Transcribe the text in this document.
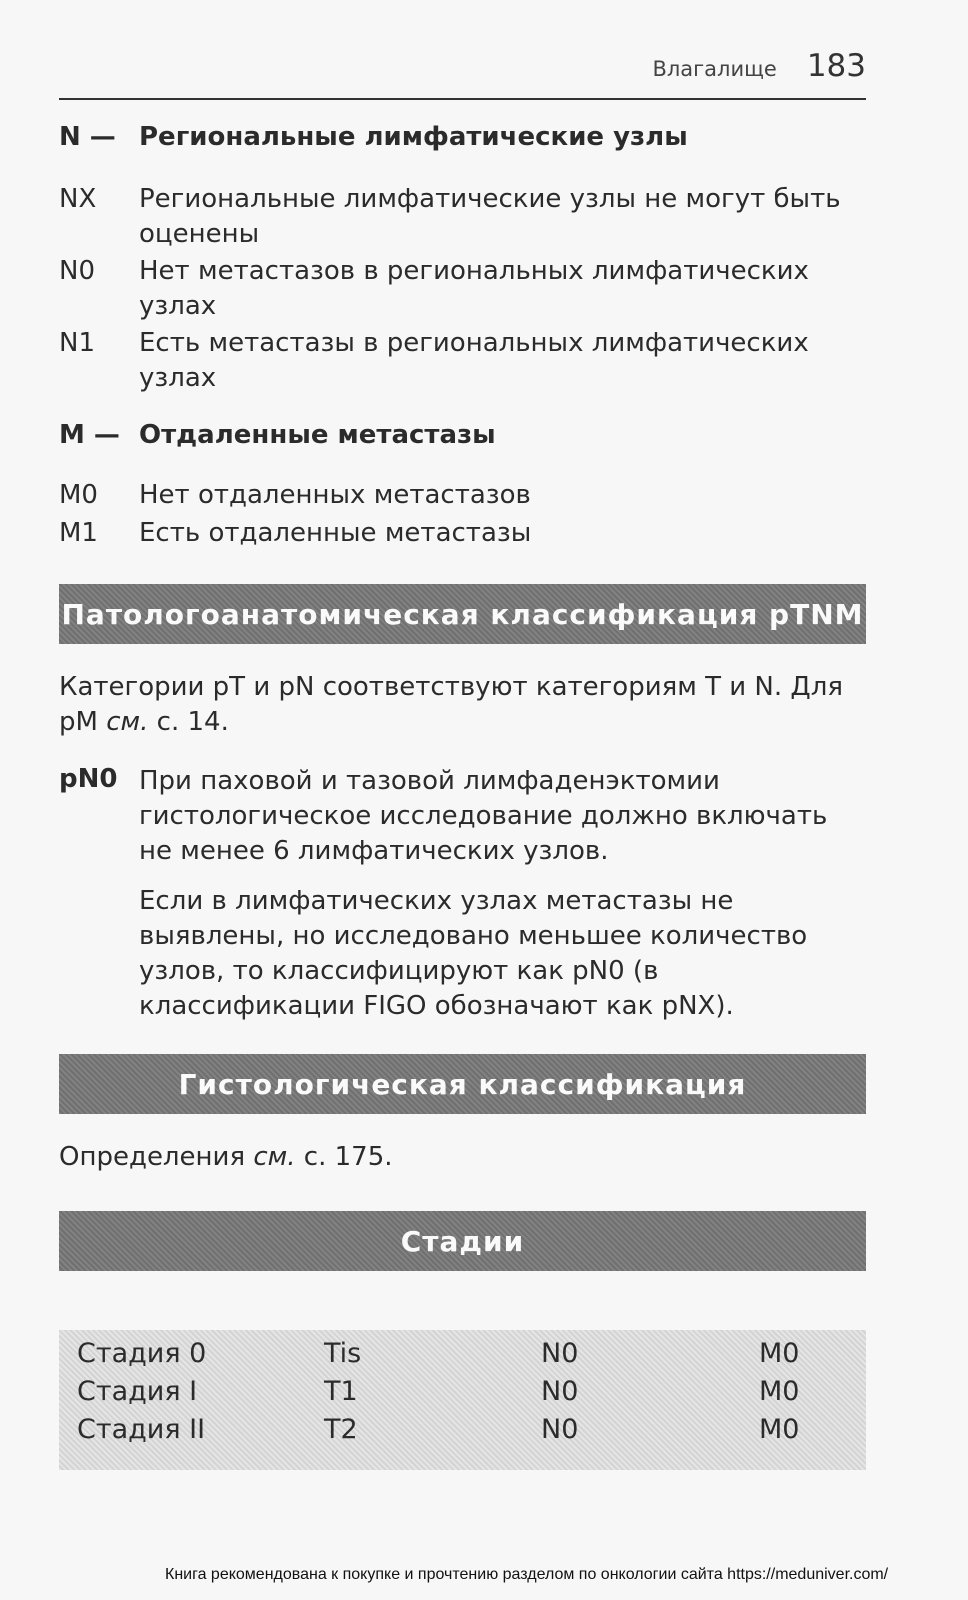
Влагалище 183
N — Региональные лимфатические узлы
NX	Региональные лимфатические узлы не могут быть оценены
N0	Нет метастазов в региональных лимфатических узлах
N1	Есть метастазы в региональных лимфатических узлах
M — Отдаленные метастазы
M0	Нет отдаленных метастазов
M1	Есть отдаленные метастазы
Патологоанатомическая классификация pTNM
Категории pT и pN соответствуют категориям T и N. Для pM см. с. 14.
pN0 При паховой и тазовой лимфаденэктомии гистологическое исследование должно включать не менее 6 лимфатических узлов.
Если в лимфатических узлах метастазы не выявлены, но исследовано меньшее количество узлов, то классифицируют как pN0 (в классификации FIGO обозначают как pNX).
Гистологическая классификация
Определения см. с. 175.
Стадии
Стадия 0	Tis	N0	M0
Стадия I	T1	N0	M0
Стадия II	T2	N0	M0
Книга рекомендована к покупке и прочтению разделом по онкологии сайта https://meduniver.com/
